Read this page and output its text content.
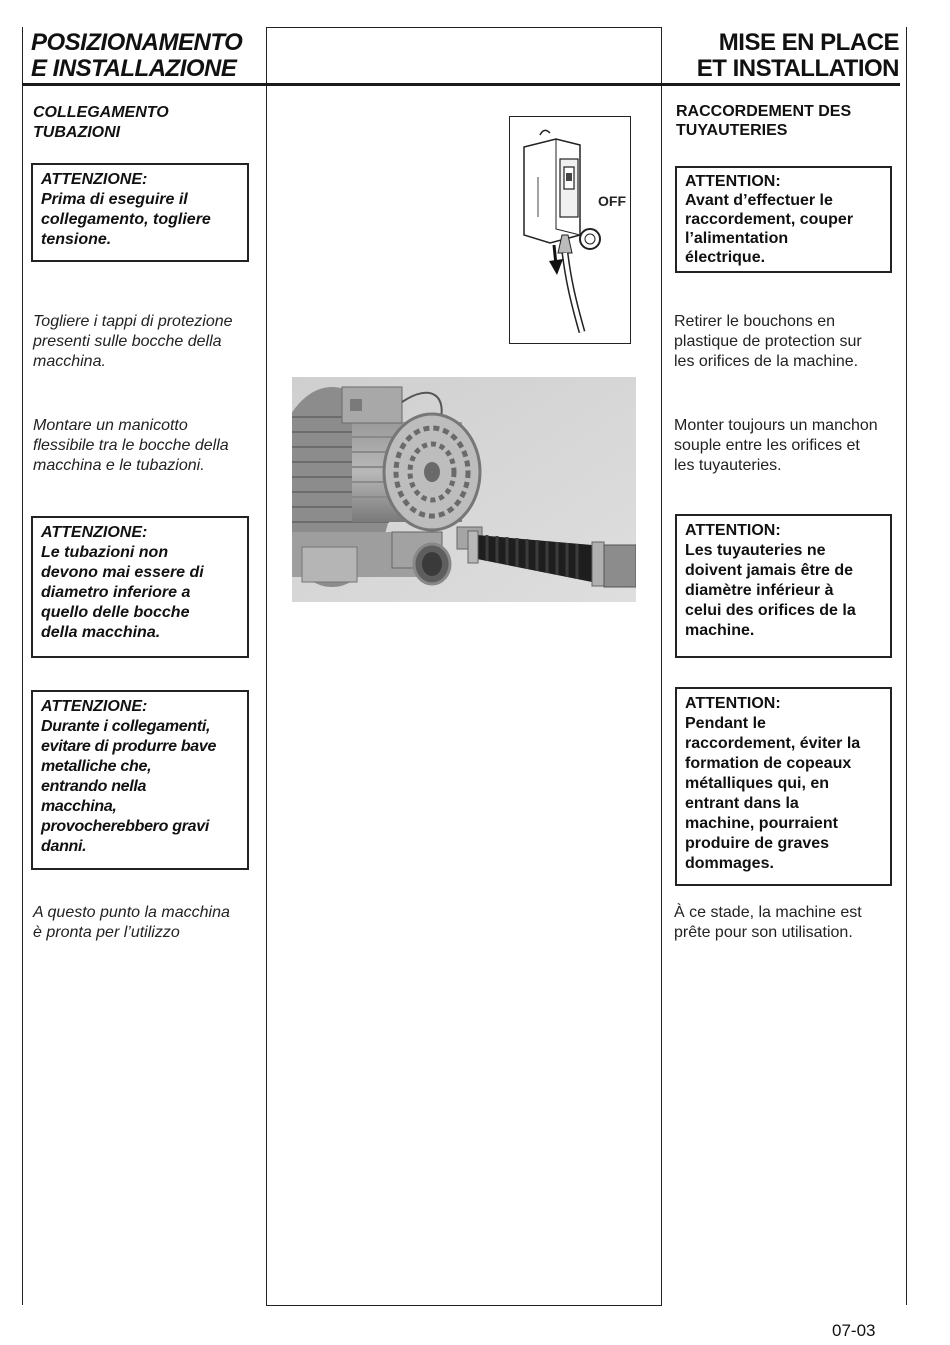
POSIZIONAMENTO
E INSTALLAZIONE
MISE EN PLACE
ET INSTALLATION
COLLEGAMENTO
TUBAZIONI
ATTENZIONE:
Prima di eseguire il
collegamento, togliere
tensione.
Togliere i tappi di protezione
presenti sulle bocche della
macchina.
Montare un manicotto
flessibile tra le bocche della
macchina e le tubazioni.
ATTENZIONE:
Le tubazioni non
devono mai essere di
diametro inferiore a
quello delle bocche
della macchina.
ATTENZIONE:
Durante i collegamenti,
evitare di produrre bave
metalliche che,
entrando nella
macchina,
provocherebbero gravi
danni.
A questo punto la macchina
è pronta per l’utilizzo
RACCORDEMENT DES
TUYAUTERIES
ATTENTION:
Avant d’effectuer le
raccordement, couper
l’alimentation
électrique.
Retirer le bouchons en
plastique de protection sur
les orifices de la machine.
Monter toujours un manchon
souple entre les orifices et
les tuyauteries.
ATTENTION:
Les tuyauteries ne
doivent jamais être de
diamètre inférieur à
celui des orifices de la
machine.
ATTENTION:
Pendant le
raccordement, éviter la
formation de copeaux
métalliques qui, en
entrant dans la
machine, pourraient
produire de graves
dommages.
À ce stade, la machine est
prête pour son utilisation.
OFF
07-03
